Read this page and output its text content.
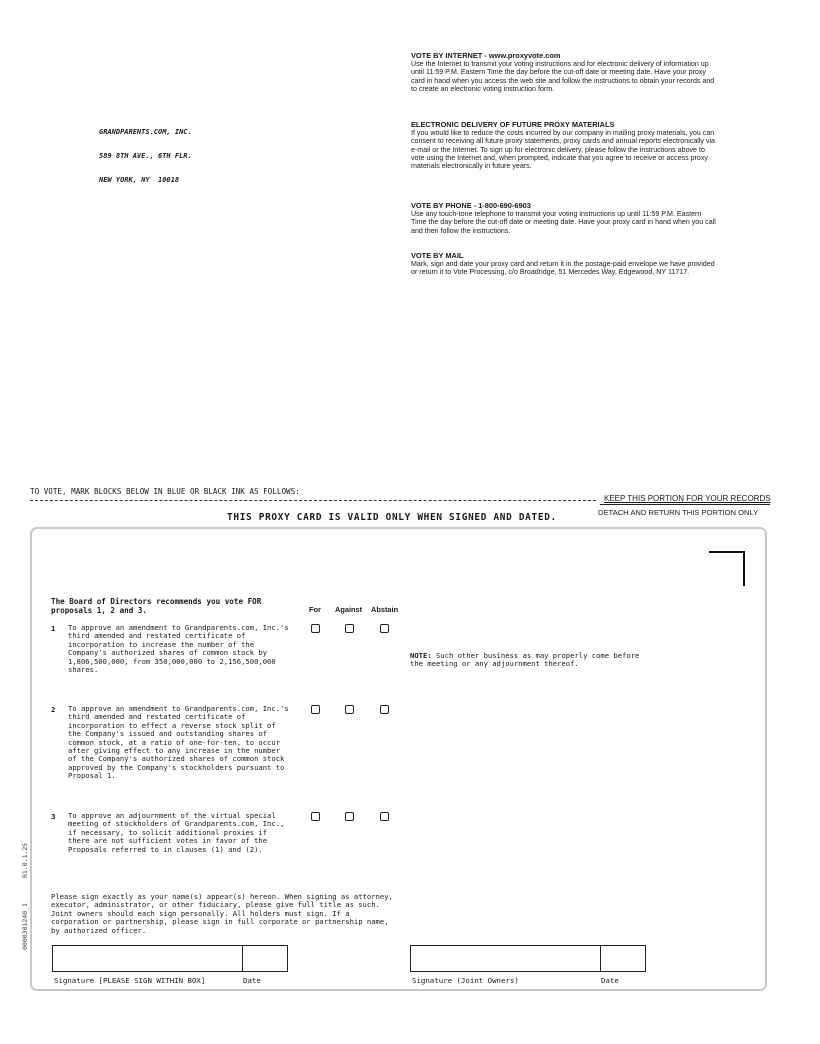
GRANDPARENTS.COM, INC.

589 8TH AVE., 6TH FLR.

NEW YORK, NY  10018

VOTE BY INTERNET - www.proxyvote.com

Use the Internet to transmit your voting instructions and for electronic delivery of information up until 11:59 P.M. Eastern Time the day before the cut-off date or meeting date. Have your proxy card in hand when you access the web site and follow the instructions to obtain your records and to create an electronic voting instruction form.

ELECTRONIC DELIVERY OF FUTURE PROXY MATERIALS

If you would like to reduce the costs incurred by our company in mailing proxy materials, you can consent to receiving all future proxy statements, proxy cards and annual reports electronically via e-mail or the Internet. To sign up for electronic delivery, please follow the instructions above to vote using the Internet and, when prompted, indicate that you agree to receive or access proxy materials electronically in future years.

VOTE BY PHONE - 1-800-690-6903

Use any touch-tone telephone to transmit your voting instructions up until 11:59 P.M. Eastern Time the day before the cut-off date or meeting date. Have your proxy card in hand when you call and then follow the instructions.

VOTE BY MAIL

Mark, sign and date your proxy card and return it in the postage-paid envelope we have provided or return it to Vote Processing, c/o Broadridge, 51 Mercedes Way, Edgewood, NY 11717.

TO VOTE, MARK BLOCKS BELOW IN BLUE OR BLACK INK AS FOLLOWS:
KEEP THIS PORTION FOR YOUR RECORDS
DETACH AND RETURN THIS PORTION ONLY
THIS PROXY CARD IS VALID ONLY WHEN SIGNED AND DATED.
The Board of Directors recommends you vote FOR proposals 1, 2 and 3.	For Against Abstain
1 To approve an amendment to Grandparents.com, Inc.'s third amended and restated certificate of incorporation to increase the number of the Company's authorized shares of common stock by 1,806,500,000, from 350,000,000 to 2,156,500,000 shares.
2 To approve an amendment to Grandparents.com, Inc.'s third amended and restated certificate of incorporation to effect a reverse stock split of the Company's issued and outstanding shares of common stock, at a ratio of one-for-ten, to occur after giving effect to any increase in the number of the Company's authorized shares of common stock approved by the Company's stockholders pursuant to Proposal 1.
3 To approve an adjournment of the virtual special meeting of stockholders of Grandparents.com, Inc., if necessary, to solicit additional proxies if there are not sufficient votes in favor of the Proposals referred to in clauses (1) and (2).
NOTE: Such other business as may properly come before the meeting or any adjournment thereof.
Please sign exactly as your name(s) appear(s) hereon. When signing as attorney, executor, administrator, or other fiduciary, please give full title as such. Joint owners should each sign personally. All holders must sign. If a corporation or partnership, please sign in full corporate or partnership name, by authorized officer.
Signature [PLEASE SIGN WITHIN BOX]	Date	Signature (Joint Owners)	Date
0000301240_1
R1.0.1.25
